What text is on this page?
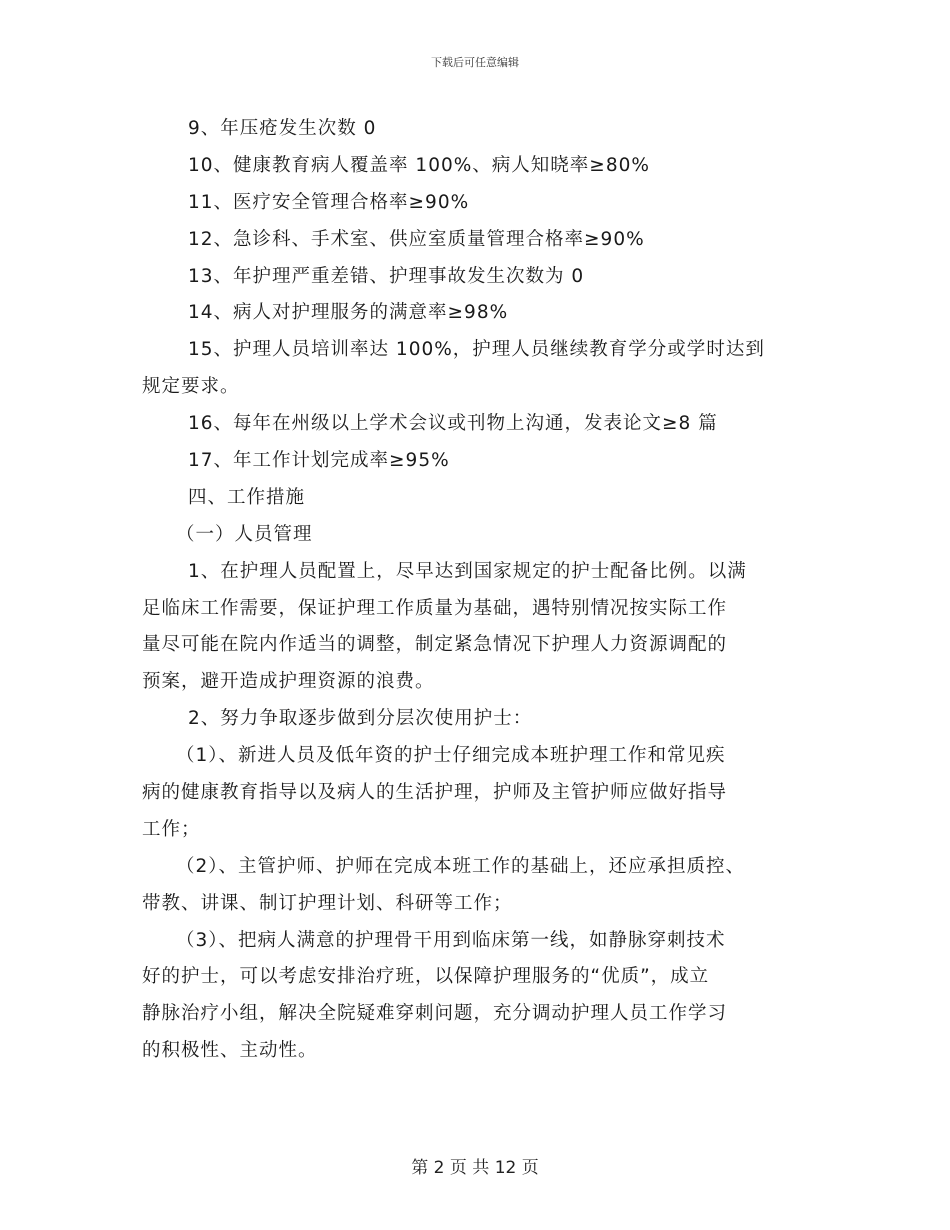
下载后可任意编辑
9、年压疮发生次数 0
10、健康教育病人覆盖率 100%、病人知晓率≥80%
11、医疗安全管理合格率≥90%
12、急诊科、手术室、供应室质量管理合格率≥90%
13、年护理严重差错、护理事故发生次数为 0
14、病人对护理服务的满意率≥98%
15、护理人员培训率达 100%，护理人员继续教育学分或学时达到
规定要求。
16、每年在州级以上学术会议或刊物上沟通，发表论文≥8 篇
17、年工作计划完成率≥95%
四、工作措施
（一）人员管理
1、在护理人员配置上，尽早达到国家规定的护士配备比例。以满
足临床工作需要，保证护理工作质量为基础，遇特别情况按实际工作
量尽可能在院内作适当的调整，制定紧急情况下护理人力资源调配的
预案，避开造成护理资源的浪费。
2、努力争取逐步做到分层次使用护士：
（1）、新进人员及低年资的护士仔细完成本班护理工作和常见疾
病的健康教育指导以及病人的生活护理，护师及主管护师应做好指导
工作；
（2）、主管护师、护师在完成本班工作的基础上，还应承担质控、
带教、讲课、制订护理计划、科研等工作；
（3）、把病人满意的护理骨干用到临床第一线，如静脉穿刺技术
好的护士，可以考虑安排治疗班，以保障护理服务的“优质”，成立
静脉治疗小组，解决全院疑难穿刺问题，充分调动护理人员工作学习
的积极性、主动性。
第 2 页 共 12 页
